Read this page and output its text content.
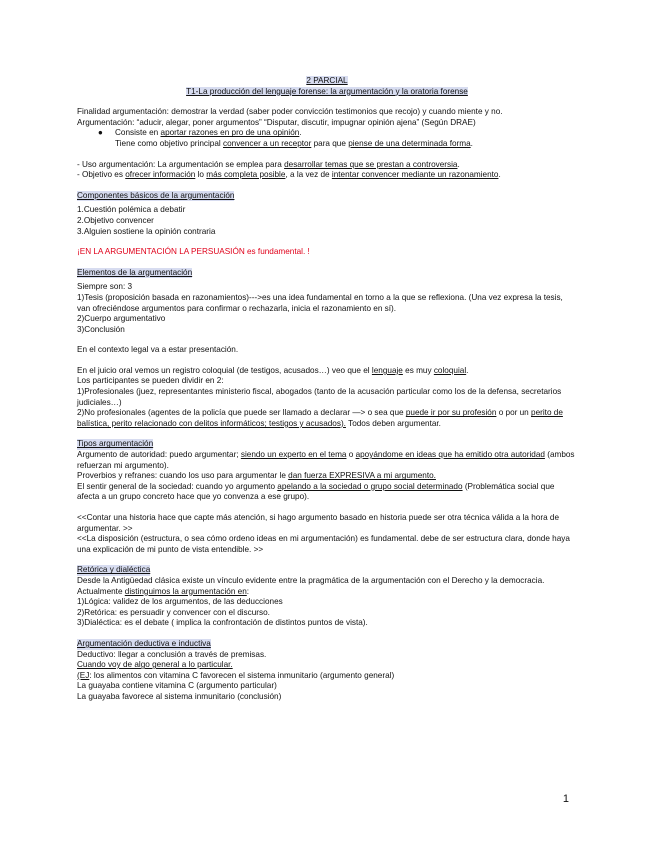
2 PARCIAL

T1-La producción del lenguaje forense: la argumentación y la oratoria forense

Finalidad argumentación: demostrar la verdad (saber poder convicción testimonios que recojo) y cuando miente y no.

Argumentación: “aducir, alegar, poner argumentos” “Disputar, discutir, impugnar opinión ajena” (Según DRAE)

● Consiste en aportar razones en pro de una opinión.

Tiene como objetivo principal convencer a un receptor para que piense de una determinada forma.

- Uso argumentación: La argumentación se emplea para desarrollar temas que se prestan a controversia.

- Objetivo es ofrecer información lo más completa posible, a la vez de intentar convencer mediante un razonamiento.

Componentes básicos de la argumentación

1.Cuestión polémica a debatir

2.Objetivo convencer

3.Alguien sostiene la opinión contraria

¡EN LA ARGUMENTACIÓN LA PERSUASIÓN es fundamental. !

Elementos de la argumentación

Siempre son: 3

1)Tesis (proposición basada en razonamientos)--->es una idea fundamental en torno a la que se reflexiona. (Una vez expresa la tesis, van ofreciéndose argumentos para confirmar o rechazarla, inicia el razonamiento en sí).

2)Cuerpo argumentativo

3)Conclusión

En el contexto legal va a estar presentación.

En el juicio oral vemos un registro coloquial (de testigos, acusados…) veo que el lenguaje es muy coloquial.

Los participantes se pueden dividir en 2:

1)Profesionales (juez, representantes ministerio fiscal, abogados (tanto de la acusación particular como los de la defensa, secretarios judiciales…)

2)No profesionales (agentes de la policía que puede ser llamado a declarar —> o sea que puede ir por su profesión o por un perito de balística, perito relacionado con delitos informáticos; testigos y acusados). Todos deben argumentar.

Tipos argumentación

Argumento de autoridad: puedo argumentar; siendo un experto en el tema o apoyándome en ideas que ha emitido otra autoridad (ambos refuerzan mi argumento).

Proverbios y refranes: cuando los uso para argumentar le dan fuerza EXPRESIVA a mi argumento.

El sentir general de la sociedad: cuando yo argumento apelando a la sociedad o grupo social determinado (Problemática social que afecta a un grupo concreto hace que yo convenza a ese grupo).

<<Contar una historia hace que capte más atención, si hago argumento basado en historia puede ser otra técnica válida a la hora de argumentar. >>

<<La disposición (estructura, o sea cómo ordeno ideas en mi argumentación) es fundamental. debe de ser estructura clara, donde haya una explicación de mi punto de vista entendible. >>

Retórica y dialéctica

Desde la Antigüedad clásica existe un vínculo evidente entre la pragmática de la argumentación con el Derecho y la democracia.

Actualmente distinguimos la argumentación en:

1)Lógica: validez de los argumentos, de las deducciones

2)Retórica: es persuadir y convencer con el discurso.

3)Dialéctica: es el debate ( implica la confrontación de distintos puntos de vista).

Argumentación deductiva e inductiva

Deductivo: llegar a conclusión a través de premisas.

Cuando voy de algo general a lo particular.

(EJ: los alimentos con vitamina C favorecen el sistema inmunitario (argumento general)

La guayaba contiene vitamina C (argumento particular)

La guayaba favorece al sistema inmunitario (conclusión)

1
